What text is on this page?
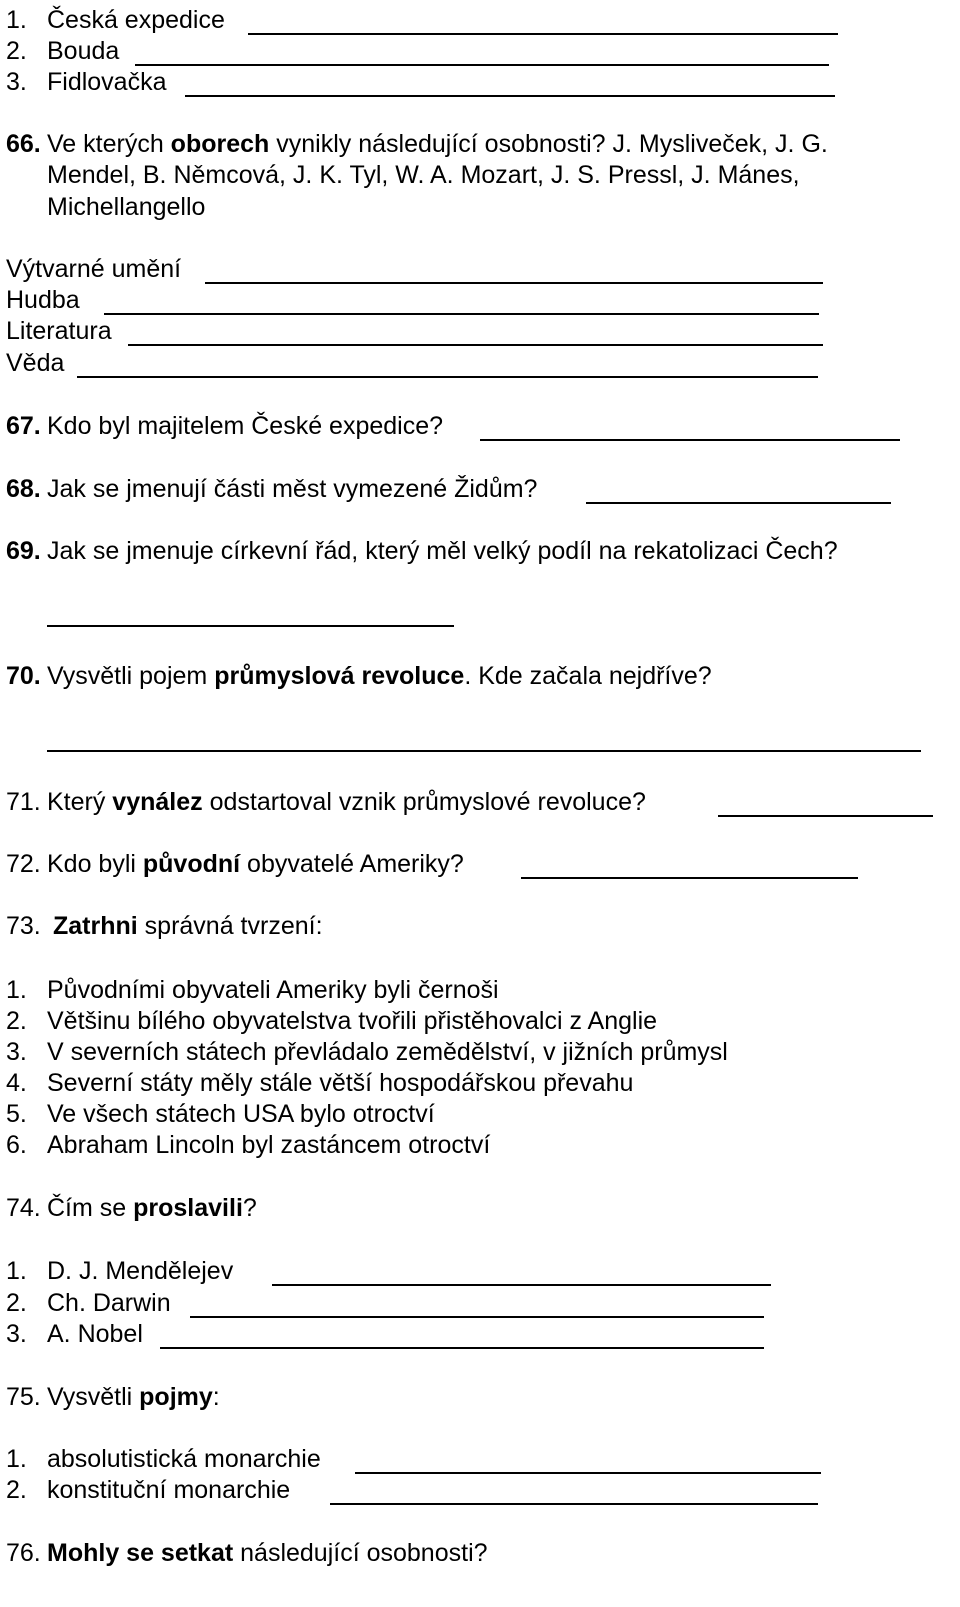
1. Česká expedice
2. Bouda
3. Fidlovačka
66. Ve kterých oborech vynikly následující osobnosti? J. Mysliveček, J. G.
Mendel, B. Němcová, J. K. Tyl, W. A. Mozart, J. S. Pressl, J. Mánes,
Michellangello
Výtvarné umění
Hudba
Literatura
Věda
67. Kdo byl majitelem České expedice?
68. Jak se jmenují části měst vymezené Židům?
69. Jak se jmenuje církevní řád, který měl velký podíl na rekatolizaci Čech?
70. Vysvětli pojem průmyslová revoluce. Kde začala nejdříve?
71. Který vynález odstartoval vznik průmyslové revoluce?
72. Kdo byli původní obyvatelé Ameriky?
73. Zatrhni správná tvrzení:
1. Původními obyvateli Ameriky byli černoši
2. Většinu bílého obyvatelstva tvořili přistěhovalci z Anglie
3. V severních státech převládalo zemědělství, v jižních průmysl
4. Severní státy měly stále větší hospodářskou převahu
5. Ve všech státech USA bylo otroctví
6. Abraham Lincoln byl zastáncem otroctví
74. Čím se proslavili?
1. D. J. Mendělejev
2. Ch. Darwin
3. A. Nobel
75. Vysvětli pojmy:
1. absolutistická monarchie
2. konstituční monarchie
76. Mohly se setkat následující osobnosti?
